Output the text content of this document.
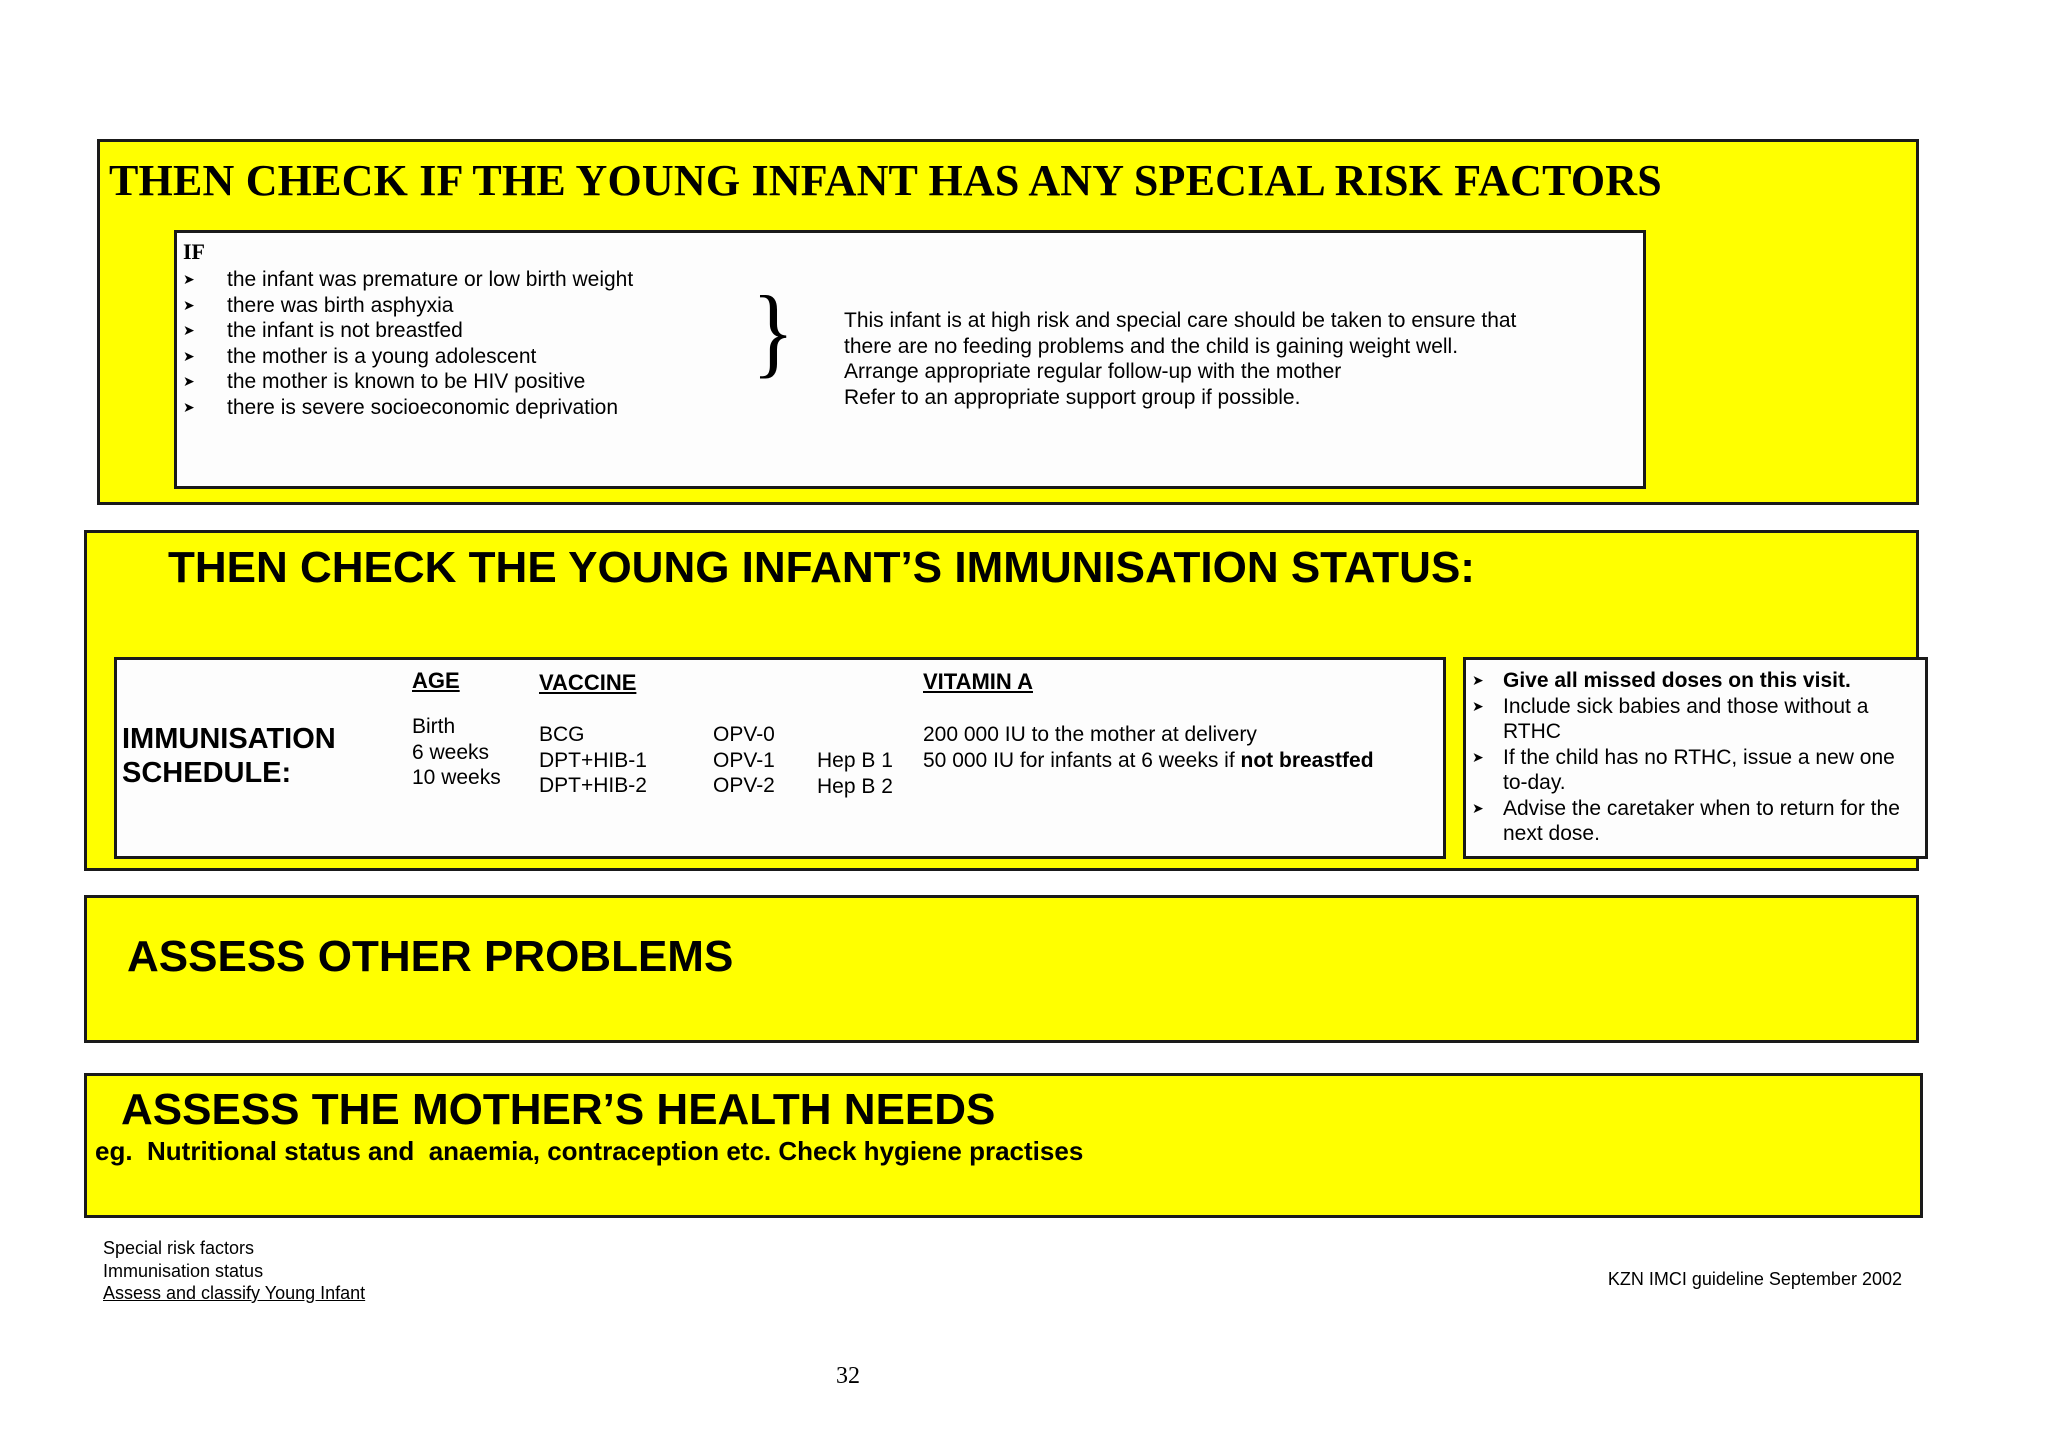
THEN CHECK IF THE YOUNG INFANT HAS ANY SPECIAL RISK FACTORS
IF
➤ the infant was premature or low birth weight
➤ there was birth asphyxia
➤ the infant is not breastfed
➤ the mother is a young adolescent
➤ the mother is known to be HIV positive
➤ there is severe socioeconomic deprivation
} This infant is at high risk and special care should be taken to ensure that
there are no feeding problems and the child is gaining weight well.
Arrange appropriate regular follow-up with the mother
Refer to an appropriate support group if possible.
THEN CHECK THE YOUNG INFANT’S IMMUNISATION STATUS:
IMMUNISATION
SCHEDULE:
AGE	VACCINE	VITAMIN A
Birth
6 weeks
10 weeks
BCG
DPT+HIB-1
DPT+HIB-2
OPV-0
OPV-1
OPV-2
Hep B 1
Hep B 2
200 000 IU to the mother at delivery
50 000 IU for infants at 6 weeks if not breastfed
➤ Give all missed doses on this visit.
➤ Include sick babies and those without a RTHC
➤ If the child has no RTHC, issue a new one to-day.
➤ Advise the caretaker when to return for the next dose.
ASSESS OTHER PROBLEMS
ASSESS THE MOTHER’S HEALTH NEEDS
eg.  Nutritional status and  anaemia, contraception etc. Check hygiene practises
Special risk factors
Immunisation status
Assess and classify Young Infant
KZN IMCI guideline September 2002
32
